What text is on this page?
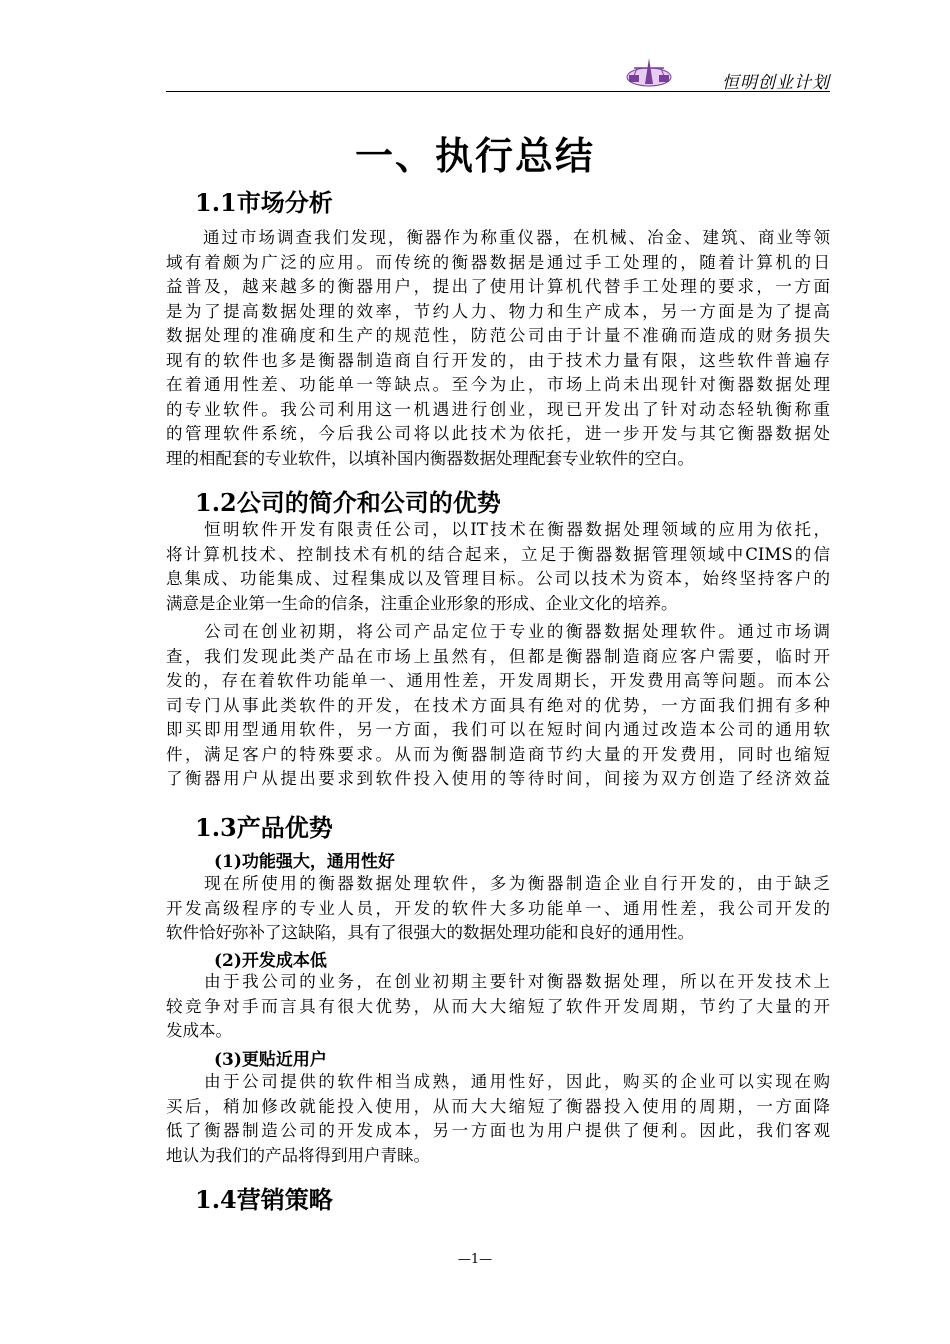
恒明创业计划
一、执行总结
1.1市场分析
　　通过市场调查我们发现，衡器作为称重仪器，在机械、冶金、建筑、商业等领
域有着颇为广泛的应用。而传统的衡器数据是通过手工处理的，随着计算机的日
益普及，越来越多的衡器用户，提出了使用计算机代替手工处理的要求，一方面
是为了提高数据处理的效率，节约人力、物力和生产成本，另一方面是为了提高
数据处理的准确度和生产的规范性，防范公司由于计量不准确而造成的财务损失
现有的软件也多是衡器制造商自行开发的，由于技术力量有限，这些软件普遍存
在着通用性差、功能单一等缺点。至今为止，市场上尚未出现针对衡器数据处理
的专业软件。我公司利用这一机遇进行创业，现已开发出了针对动态轻轨衡称重
的管理软件系统，今后我公司将以此技术为依托，进一步开发与其它衡器数据处
理的相配套的专业软件，以填补国内衡器数据处理配套专业软件的空白。
1.2公司的简介和公司的优势
　　恒明软件开发有限责任公司，以IT技术在衡器数据处理领域的应用为依托，
将计算机技术、控制技术有机的结合起来，立足于衡器数据管理领域中CIMS的信
息集成、功能集成、过程集成以及管理目标。公司以技术为资本，始终坚持客户的
满意是企业第一生命的信条，注重企业形象的形成、企业文化的培养。
　　公司在创业初期，将公司产品定位于专业的衡器数据处理软件。通过市场调
查，我们发现此类产品在市场上虽然有，但都是衡器制造商应客户需要，临时开
发的，存在着软件功能单一、通用性差，开发周期长，开发费用高等问题。而本公
司专门从事此类软件的开发，在技术方面具有绝对的优势，一方面我们拥有多种
即买即用型通用软件，另一方面，我们可以在短时间内通过改造本公司的通用软
件，满足客户的特殊要求。从而为衡器制造商节约大量的开发费用，同时也缩短
了衡器用户从提出要求到软件投入使用的等待时间，间接为双方创造了经济效益
1.3产品优势
(1)功能强大，通用性好
　　现在所使用的衡器数据处理软件，多为衡器制造企业自行开发的，由于缺乏
开发高级程序的专业人员，开发的软件大多功能单一、通用性差，我公司开发的
软件恰好弥补了这缺陷，具有了很强大的数据处理功能和良好的通用性。
(2)开发成本低
　　由于我公司的业务，在创业初期主要针对衡器数据处理，所以在开发技术上
较竞争对手而言具有很大优势，从而大大缩短了软件开发周期，节约了大量的开
发成本。
(3)更贴近用户
　　由于公司提供的软件相当成熟，通用性好，因此，购买的企业可以实现在购
买后，稍加修改就能投入使用，从而大大缩短了衡器投入使用的周期，一方面降
低了衡器制造公司的开发成本，另一方面也为用户提供了便利。因此，我们客观
地认为我们的产品将得到用户青睐。
1.4营销策略
—1—
